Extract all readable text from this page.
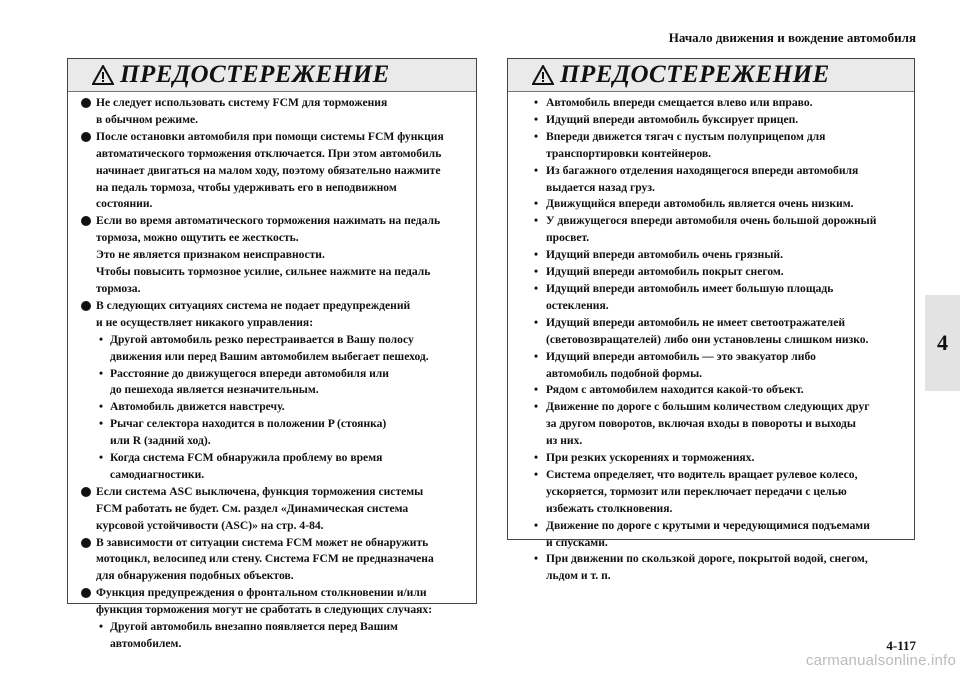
Начало движения и вождение автомобиля
4
ПРЕДОСТЕРЕЖЕНИЕ
Не следует использовать систему FCM для торможения
в обычном режиме.
После остановки автомобиля при помощи системы FCM функция
автоматического торможения отключается. При этом автомобиль
начинает двигаться на малом ходу, поэтому обязательно нажмите
на педаль тормоза, чтобы удерживать его в неподвижном
состоянии.
Если во время автоматического торможения нажимать на педаль
тормоза, можно ощутить ее жесткость.
Это не является признаком неисправности.
Чтобы повысить тормозное усилие, сильнее нажмите на педаль
тормоза.
В следующих ситуациях система не подает предупреждений
и не осуществляет никакого управления:
• Другой автомобиль резко перестраивается в Вашу полосу
движения или перед Вашим автомобилем выбегает пешеход.
• Расстояние до движущегося впереди автомобиля или
до пешехода является незначительным.
• Автомобиль движется навстречу.
• Рычаг селектора находится в положении P (стоянка)
или R (задний ход).
• Когда система FCM обнаружила проблему во время
самодиагностики.
Если система ASC выключена, функция торможения системы
FCM работать не будет. См. раздел «Динамическая система
курсовой устойчивости (ASC)» на стр. 4-84.
В зависимости от ситуации система FCM может не обнаружить
мотоцикл, велосипед или стену. Система FCM не предназначена
для обнаружения подобных объектов.
Функция предупреждения о фронтальном столкновении и/или
функция торможения могут не сработать в следующих случаях:
• Другой автомобиль внезапно появляется перед Вашим
автомобилем.
ПРЕДОСТЕРЕЖЕНИЕ
• Автомобиль впереди смещается влево или вправо.
• Идущий впереди автомобиль буксирует прицеп.
• Впереди движется тягач с пустым полуприцепом для
транспортировки контейнеров.
• Из багажного отделения находящегося впереди автомобиля
выдается назад груз.
• Движущийся впереди автомобиль является очень низким.
• У движущегося впереди автомобиля очень большой дорожный
просвет.
• Идущий впереди автомобиль очень грязный.
• Идущий впереди автомобиль покрыт снегом.
• Идущий впереди автомобиль имеет большую площадь
остекления.
• Идущий впереди автомобиль не имеет светоотражателей
(световозвращателей) либо они установлены слишком низко.
• Идущий впереди автомобиль — это эвакуатор либо
автомобиль подобной формы.
• Рядом с автомобилем находится какой-то объект.
• Движение по дороге с большим количеством следующих друг
за другом поворотов, включая входы в повороты и выходы
из них.
• При резких ускорениях и торможениях.
• Система определяет, что водитель вращает рулевое колесо,
ускоряется, тормозит или переключает передачи с целью
избежать столкновения.
• Движение по дороге с крутыми и чередующимися подъемами
и спусками.
• При движении по скользкой дороге, покрытой водой, снегом,
льдом и т. п.
4-117
carmanualsonline.info
